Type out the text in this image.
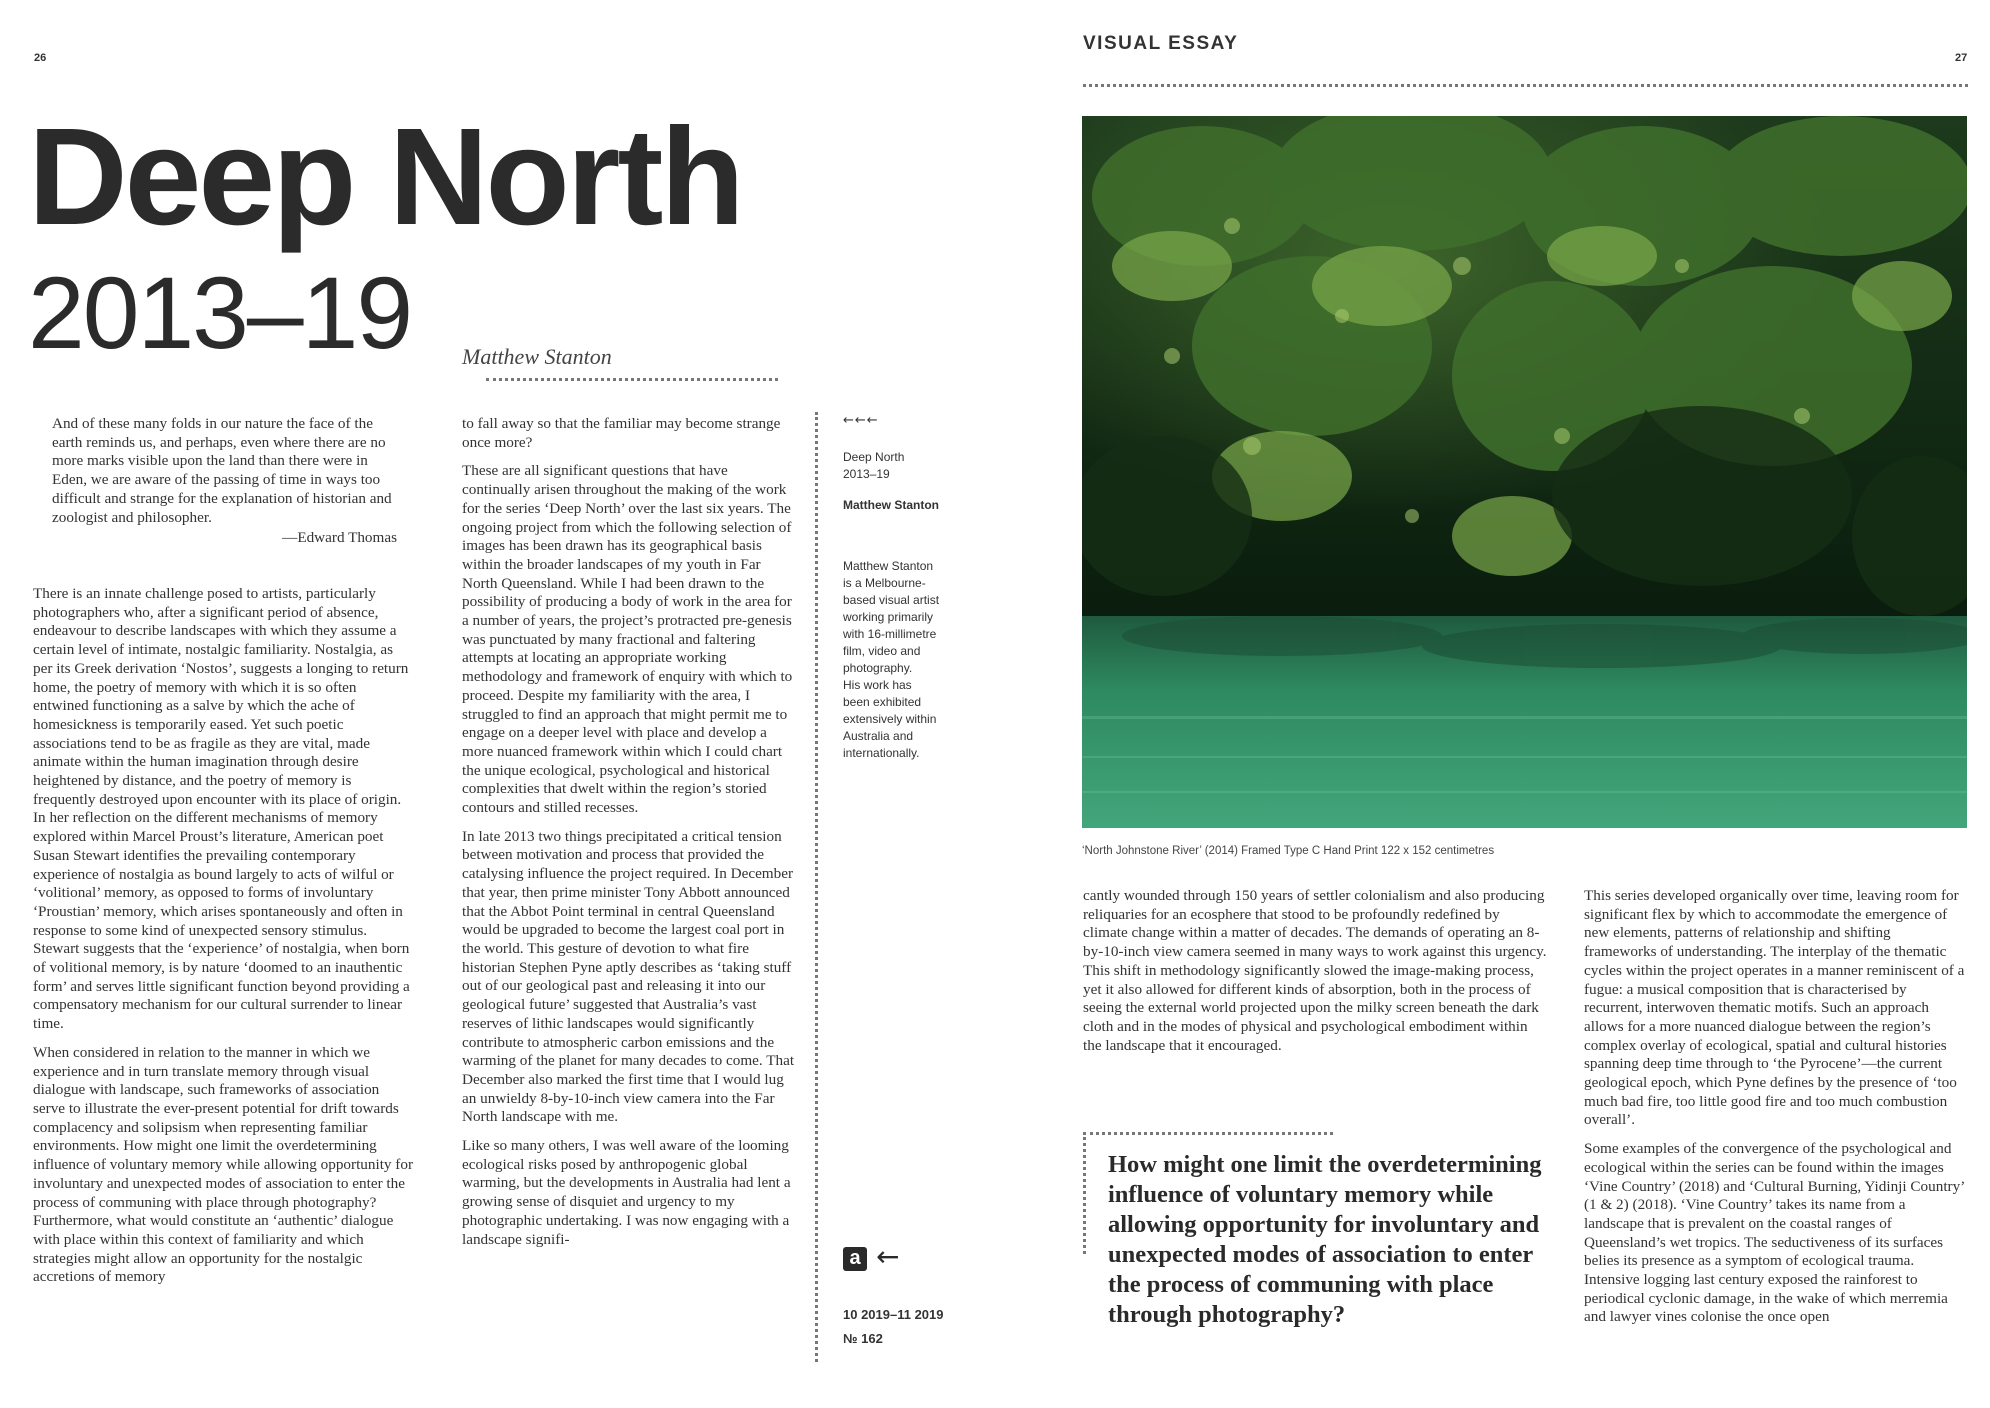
26
Deep North
2013–19 Matthew Stanton
And of these many folds in our nature the face of the earth reminds us, and perhaps, even where there are no more marks visible upon the land than there were in Eden, we are aware of the passing of time in ways too difficult and strange for the explanation of historian and zoologist and philosopher.
—Edward Thomas

There is an innate challenge posed to artists, particularly photographers who, after a significant period of absence, endeavour to describe landscapes with which they assume a certain level of intimate, nostalgic familiarity. Nostalgia, as per its Greek derivation ‘Nostos’, suggests a longing to return home, the poetry of memory with which it is so often entwined functioning as a salve by which the ache of homesickness is temporarily eased. Yet such poetic associations tend to be as fragile as they are vital, made animate within the human imagination through desire heightened by distance, and the poetry of memory is frequently destroyed upon encounter with its place of origin. In her reflection on the different mechanisms of memory explored within Marcel Proust’s literature, American poet Susan Stewart identifies the prevailing contemporary experience of nostalgia as bound largely to acts of wilful or ‘volitional’ memory, as opposed to forms of involuntary ‘Proustian’ memory, which arises spontaneously and often in response to some kind of unexpected sensory stimulus. Stewart suggests that the ‘experience’ of nostalgia, when born of volitional memory, is by nature ‘doomed to an inauthentic form’ and serves little significant function beyond providing a compensatory mechanism for our cultural surrender to linear time.

When considered in relation to the manner in which we experience and in turn translate memory through visual dialogue with landscape, such frameworks of association serve to illustrate the ever-present potential for drift towards complacency and solipsism when representing familiar environments. How might one limit the overdetermining influence of voluntary memory while allowing opportunity for involuntary and unexpected modes of association to enter the process of communing with place through photography? Furthermore, what would constitute an ‘authentic’ dialogue with place within this context of familiarity and which strategies might allow an opportunity for the nostalgic accretions of memory

to fall away so that the familiar may become strange once more?

These are all significant questions that have continually arisen throughout the making of the work for the series ‘Deep North’ over the last six years. The ongoing project from which the following selection of images has been drawn has its geographical basis within the broader landscapes of my youth in Far North Queensland. While I had been drawn to the possibility of producing a body of work in the area for a number of years, the project’s protracted pre-genesis was punctuated by many fractional and faltering attempts at locating an appropriate working methodology and framework of enquiry with which to proceed. Despite my familiarity with the area, I struggled to find an approach that might permit me to engage on a deeper level with place and develop a more nuanced framework within which I could chart the unique ecological, psychological and historical complexities that dwelt within the region’s storied contours and stilled recesses.

In late 2013 two things precipitated a critical tension between motivation and process that provided the catalysing influence the project required. In December that year, then prime minister Tony Abbott announced that the Abbot Point terminal in central Queensland would be upgraded to become the largest coal port in the world. This gesture of devotion to what fire historian Stephen Pyne aptly describes as ‘taking stuff out of our geological past and releasing it into our geological future’ suggested that Australia’s vast reserves of lithic landscapes would significantly contribute to atmospheric carbon emissions and the warming of the planet for many decades to come. That December also marked the first time that I would lug an unwieldy 8-by-10-inch view camera into the Far North landscape with me.

Like so many others, I was well aware of the looming ecological risks posed by anthropogenic global warming, but the developments in Australia had lent a growing sense of disquiet and urgency to my photographic undertaking. I was now engaging with a landscape signifi-

←←←
Deep North
2013–19
Matthew Stanton
Matthew Stanton
is a Melbourne-
based visual artist
working primarily
with 16-millimetre
film, video and
photography.
His work has
been exhibited
extensively within
Australia and
internationally.
a ←
10 2019–11 2019
№ 162
VISUAL ESSAY
27
‘North Johnstone River’ (2014) Framed Type C Hand Print 122 x 152 centimetres

cantly wounded through 150 years of settler colonialism and also producing reliquaries for an ecosphere that stood to be profoundly redefined by climate change within a matter of decades. The demands of operating an 8-by-10-inch view camera seemed in many ways to work against this urgency. This shift in methodology significantly slowed the image-making process, yet it also allowed for different kinds of absorption, both in the process of seeing the external world projected upon the milky screen beneath the dark cloth and in the modes of physical and psychological embodiment within the landscape that it encouraged.

How might one limit the overdetermining influence of voluntary memory while allowing opportunity for involuntary and unexpected modes of association to enter the process of communing with place through photography?

This series developed organically over time, leaving room for significant flex by which to accommodate the emergence of new elements, patterns of relationship and shifting frameworks of understanding. The interplay of the thematic cycles within the project operates in a manner reminiscent of a fugue: a musical composition that is characterised by recurrent, interwoven thematic motifs. Such an approach allows for a more nuanced dialogue between the region’s complex overlay of ecological, spatial and cultural histories spanning deep time through to ‘the Pyrocene’—the current geological epoch, which Pyne defines by the presence of ‘too much bad fire, too little good fire and too much combustion overall’.

Some examples of the convergence of the psychological and ecological within the series can be found within the images ‘Vine Country’ (2018) and ‘Cultural Burning, Yidinji Country’ (1 & 2) (2018). ‘Vine Country’ takes its name from a landscape that is prevalent on the coastal ranges of Queensland’s wet tropics. The seductiveness of its surfaces belies its presence as a symptom of ecological trauma. Intensive logging last century exposed the rainforest to periodical cyclonic damage, in the wake of which merremia and lawyer vines colonise the once open
